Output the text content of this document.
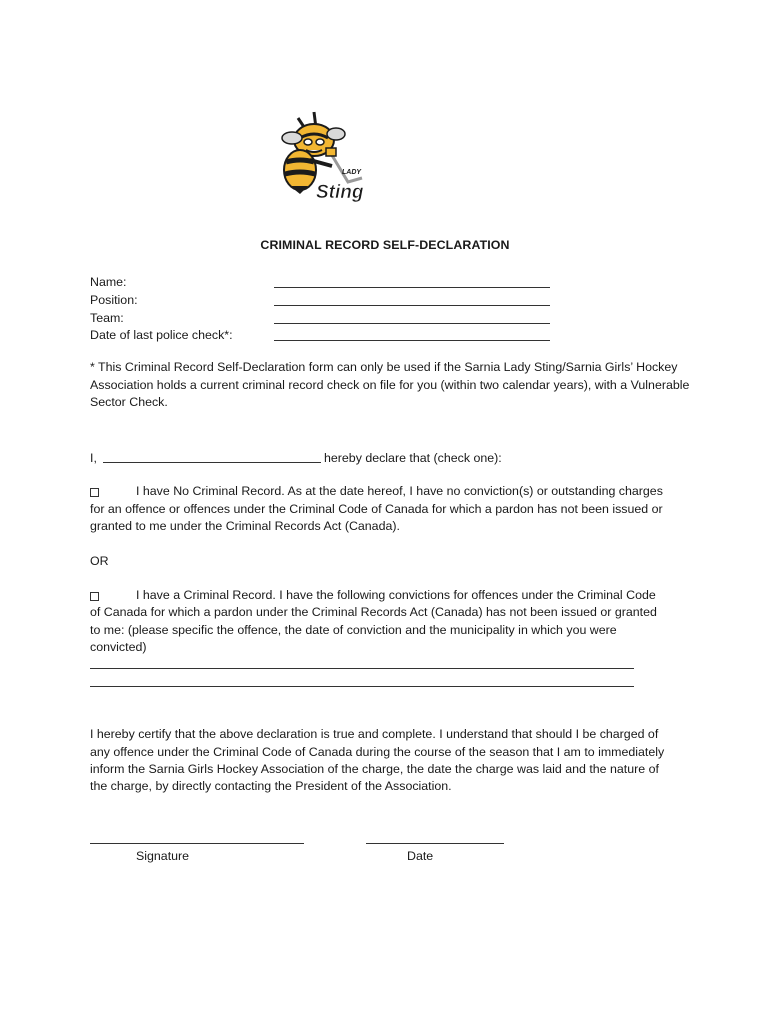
LADY
Sting
CRIMINAL RECORD SELF-DECLARATION
Name:
Position:
Team:
Date of last police check*:
* This Criminal Record Self-Declaration form can only be used if the Sarnia Lady Sting/Sarnia Girls’ Hockey Association holds a current criminal record check on file for you (within two calendar years), with a Vulnerable Sector Check.
I,	hereby declare that (check one):
I have No Criminal Record. As at the date hereof, I have no conviction(s) or outstanding charges
for an offence or offences under the Criminal Code of Canada for which a pardon has not been issued or
granted to me under the Criminal Records Act (Canada).
OR
I have a Criminal Record. I have the following convictions for offences under the Criminal Code
of Canada for which a pardon under the Criminal Records Act (Canada) has not been issued or granted
to me: (please specific the offence, the date of conviction and the municipality in which you were
convicted)
I hereby certify that the above declaration is true and complete. I understand that should I be charged of
any offence under the Criminal Code of Canada during the course of the season that I am to immediately
inform the Sarnia Girls Hockey Association of the charge, the date the charge was laid and the nature of
the charge, by directly contacting the President of the Association.
Signature	Date
